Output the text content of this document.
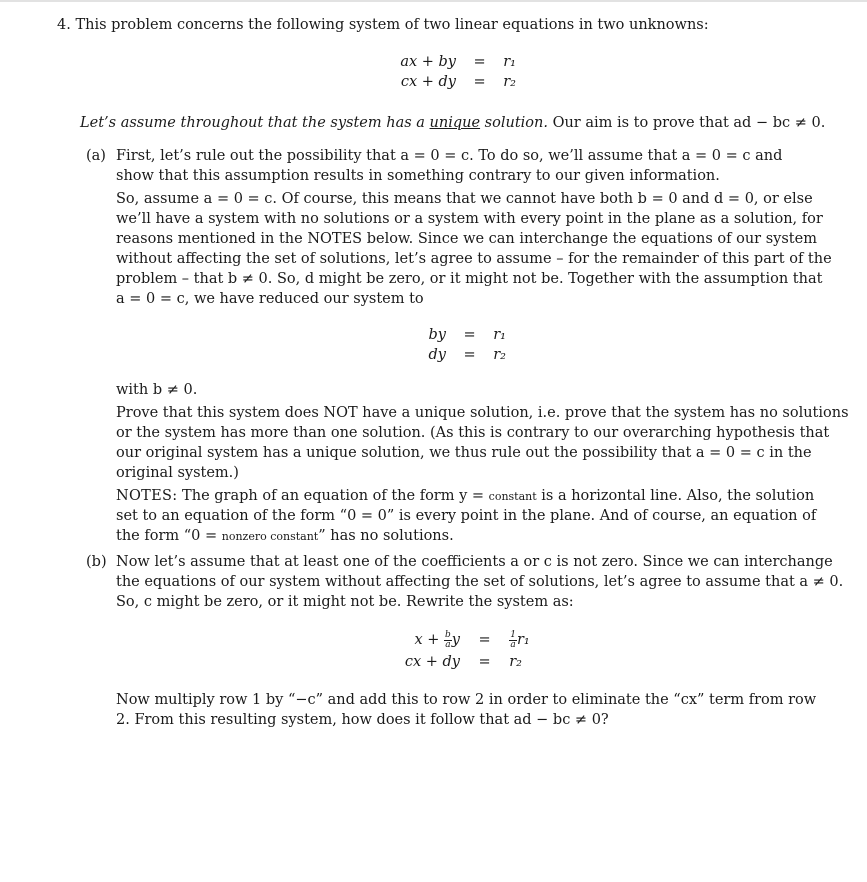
4. This problem concerns the following system of two linear equations in two unknowns:
ax + by = r₁
cx + dy = r₂
Let’s assume throughout that the system has a unique solution. Our aim is to prove that ad − bc ≠ 0.
(a) First, let’s rule out the possibility that a = 0 = c. To do so, we’ll assume that a = 0 = c and
show that this assumption results in something contrary to our given information.
So, assume a = 0 = c. Of course, this means that we cannot have both b = 0 and d = 0, or else
we’ll have a system with no solutions or a system with every point in the plane as a solution, for
reasons mentioned in the NOTES below. Since we can interchange the equations of our system
without affecting the set of solutions, let’s agree to assume – for the remainder of this part of the
problem – that b ≠ 0. So, d might be zero, or it might not be. Together with the assumption that
a = 0 = c, we have reduced our system to
by = r₁
dy = r₂
with b ≠ 0.
Prove that this system does NOT have a unique solution, i.e. prove that the system has no solutions
or the system has more than one solution. (As this is contrary to our overarching hypothesis that
our original system has a unique solution, we thus rule out the possibility that a = 0 = c in the
original system.)
NOTES: The graph of an equation of the form y = constant is a horizontal line. Also, the solution
set to an equation of the form “0 = 0” is every point in the plane. And of course, an equation of
the form “0 = nonzero constant” has no solutions.
(b) Now let’s assume that at least one of the coefficients a or c is not zero. Since we can interchange
the equations of our system without affecting the set of solutions, let’s agree to assume that a ≠ 0.
So, c might be zero, or it might not be. Rewrite the system as:
$x + \frac{b}{a}$ $y = \frac{1}{a} r_1$
cx + dy = r₂
Now multiply row 1 by “−c” and add this to row 2 in order to eliminate the “cx” term from row
2. From this resulting system, how does it follow that ad − bc ≠ 0?
